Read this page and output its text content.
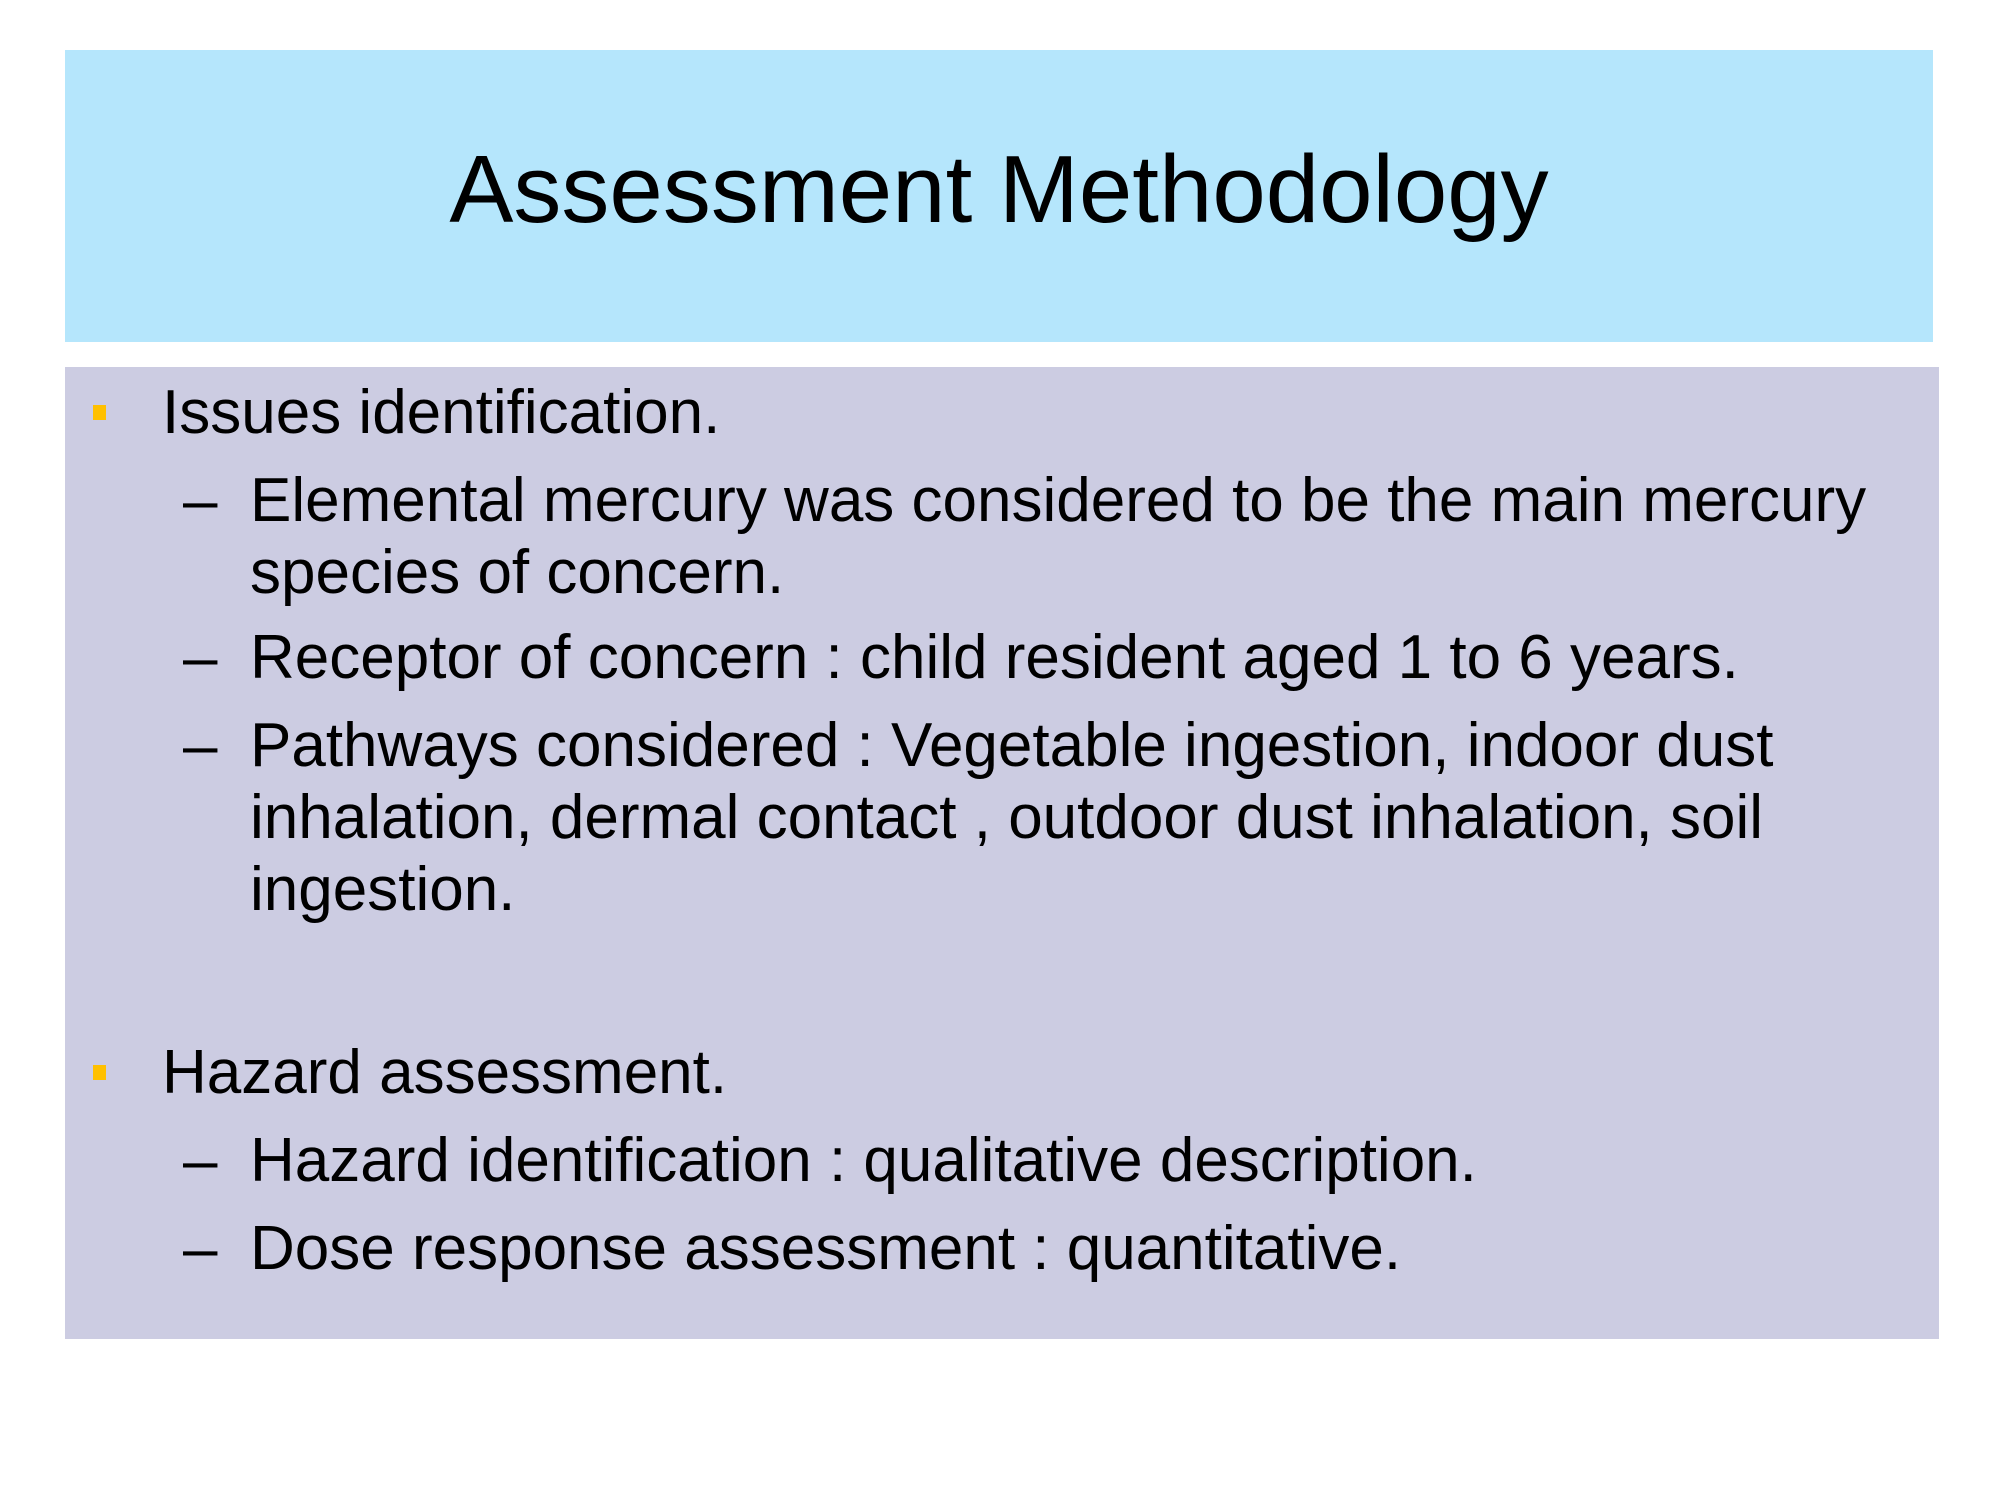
Assessment Methodology
Issues identification.
– Elemental mercury was considered to be the main mercury species of concern.
– Receptor of concern : child resident aged 1 to 6 years.
– Pathways considered : Vegetable ingestion, indoor dust inhalation, dermal contact , outdoor dust inhalation, soil ingestion.
Hazard assessment.
– Hazard identification : qualitative description.
– Dose response assessment : quantitative.
